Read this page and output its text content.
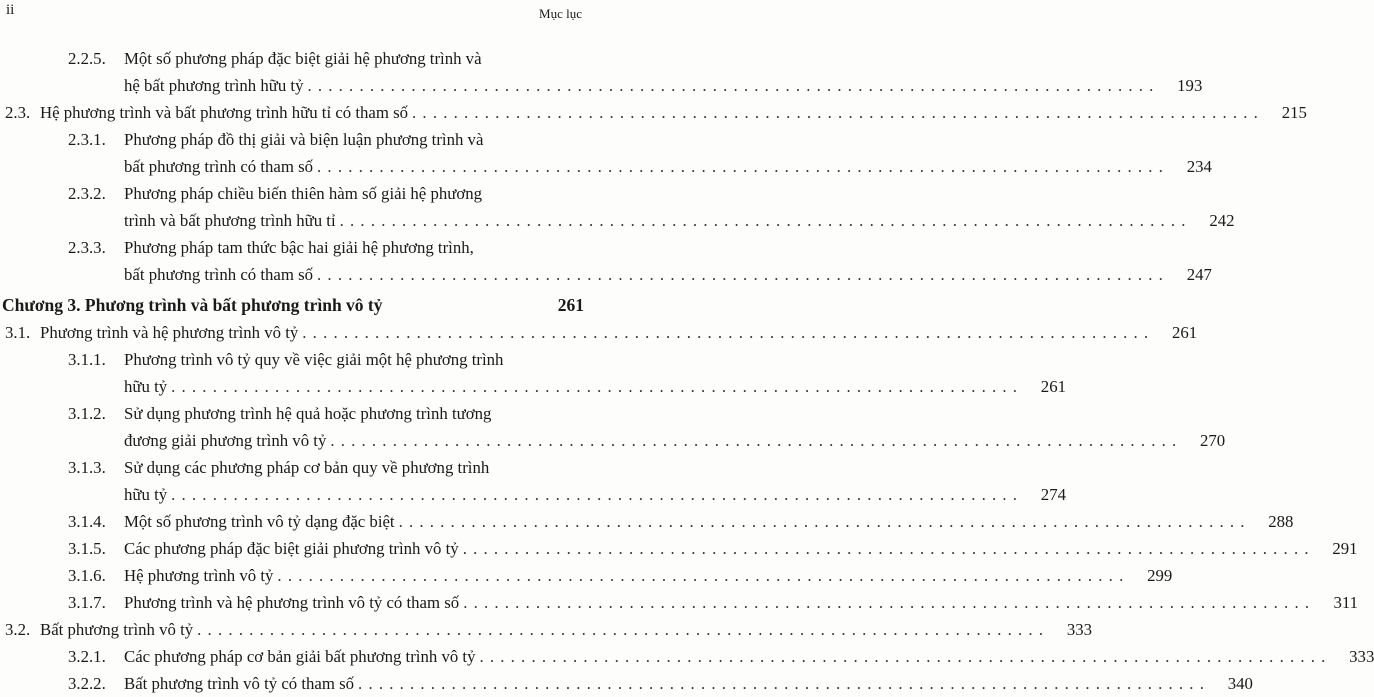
ii	Mục lục
2.2.5. Một số phương pháp đặc biệt giải hệ phương trình và
hệ bất phương trình hữu tỷ . . .	193
2.3. Hệ phương trình và bất phương trình hữu tỉ có tham số . . .	215
2.3.1. Phương pháp đồ thị giải và biện luận phương trình và
bất phương trình có tham số . . .	234
2.3.2. Phương pháp chiều biến thiên hàm số giải hệ phương
trình và bất phương trình hữu tỉ . . .	242
2.3.3. Phương pháp tam thức bậc hai giải hệ phương trình,
bất phương trình có tham số . . .	247
Chương 3. Phương trình và bất phương trình vô tỷ	261
3.1. Phương trình và hệ phương trình vô tỷ . . .	261
3.1.1. Phương trình vô tỷ quy về việc giải một hệ phương trình
hữu tỷ . . .	261
3.1.2. Sử dụng phương trình hệ quả hoặc phương trình tương
đương giải phương trình vô tỷ . . .	270
3.1.3. Sử dụng các phương pháp cơ bản quy về phương trình
hữu tỷ . . .	274
3.1.4. Một số phương trình vô tỷ dạng đặc biệt . . .	288
3.1.5. Các phương pháp đặc biệt giải phương trình vô tỷ . . .	291
3.1.6. Hệ phương trình vô tỷ . . .	299
3.1.7. Phương trình và hệ phương trình vô tỷ có tham số . . .	311
3.2. Bất phương trình vô tỷ . . .	333
3.2.1. Các phương pháp cơ bản giải bất phương trình vô tỷ . . .	333
3.2.2. Bất phương trình vô tỷ có tham số . . .	340
